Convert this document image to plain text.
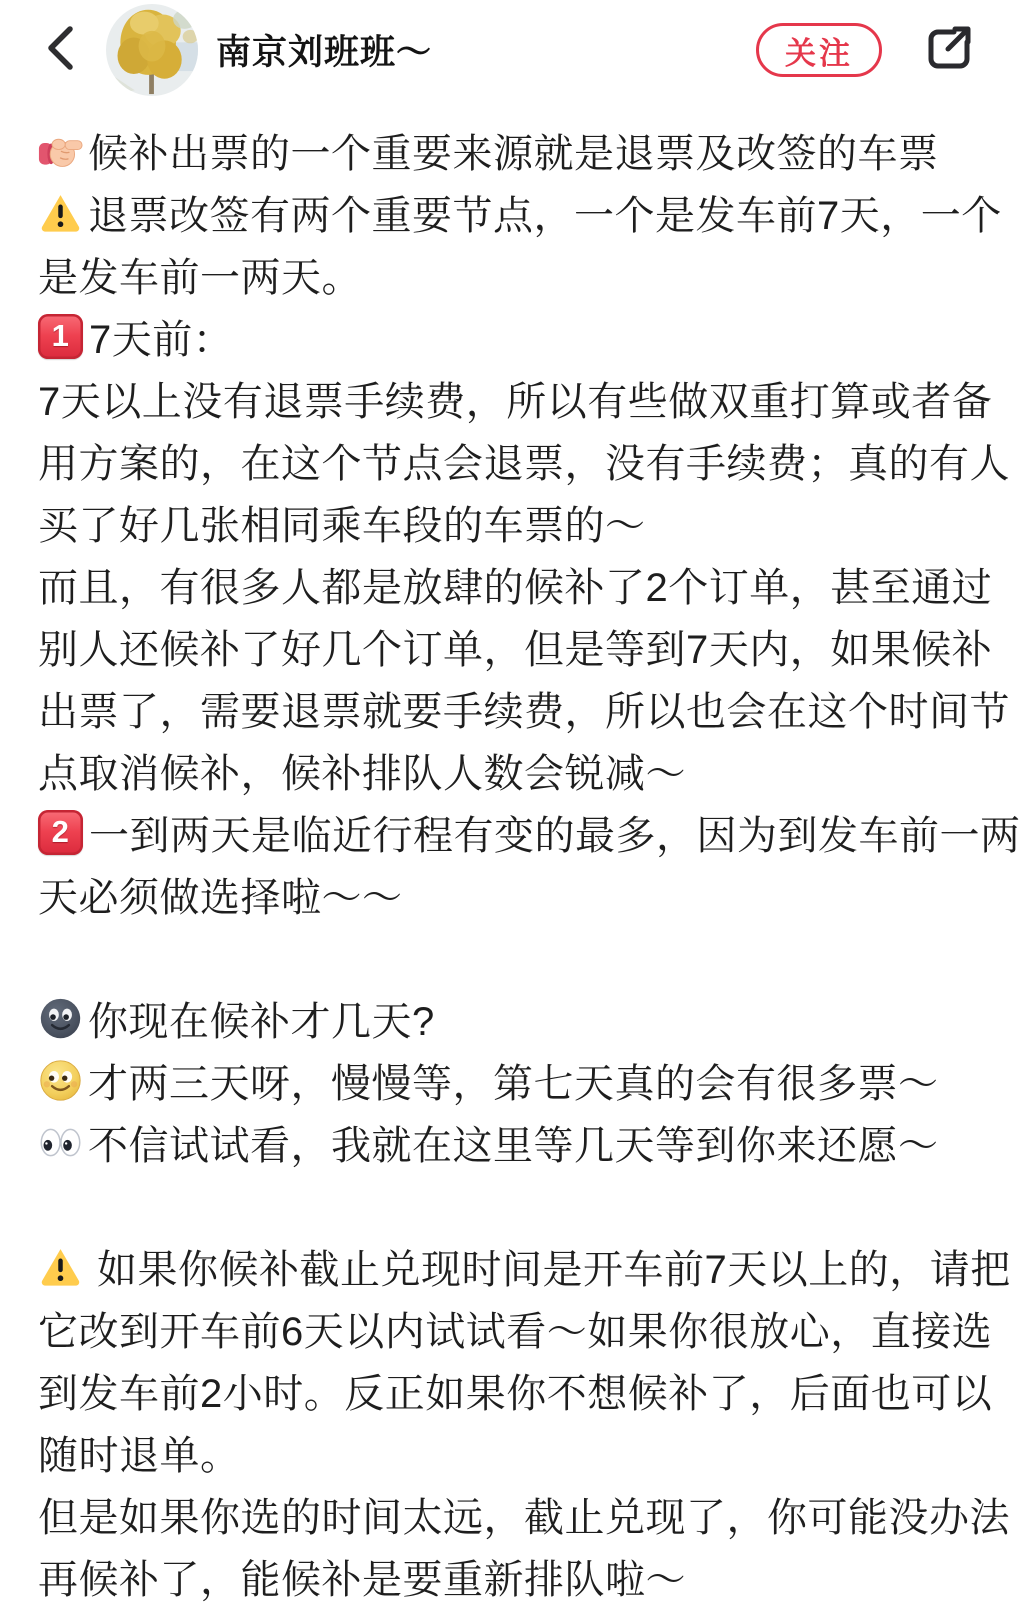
南京刘班班～	关注
候补出票的一个重要来源就是退票及改签的车票
退票改签有两个重要节点，一个是发车前7天，一个
是发车前一两天。
1 7天前：
7天以上没有退票手续费，所以有些做双重打算或者备
用方案的，在这个节点会退票，没有手续费；真的有人
买了好几张相同乘车段的车票的～
而且，有很多人都是放肆的候补了2个订单，甚至通过
别人还候补了好几个订单，但是等到7天内，如果候补
出票了，需要退票就要手续费，所以也会在这个时间节
点取消候补，候补排队人数会锐减～
2 一到两天是临近行程有变的最多，因为到发车前一两
天必须做选择啦～～
你现在候补才几天?
才两三天呀，慢慢等，第七天真的会有很多票～
不信试试看，我就在这里等几天等到你来还愿～
如果你候补截止兑现时间是开车前7天以上的，请把
它改到开车前6天以内试试看～如果你很放心，直接选
到发车前2小时。反正如果你不想候补了，后面也可以
随时退单。
但是如果你选的时间太远，截止兑现了，你可能没办法
再候补了，能候补是要重新排队啦～
